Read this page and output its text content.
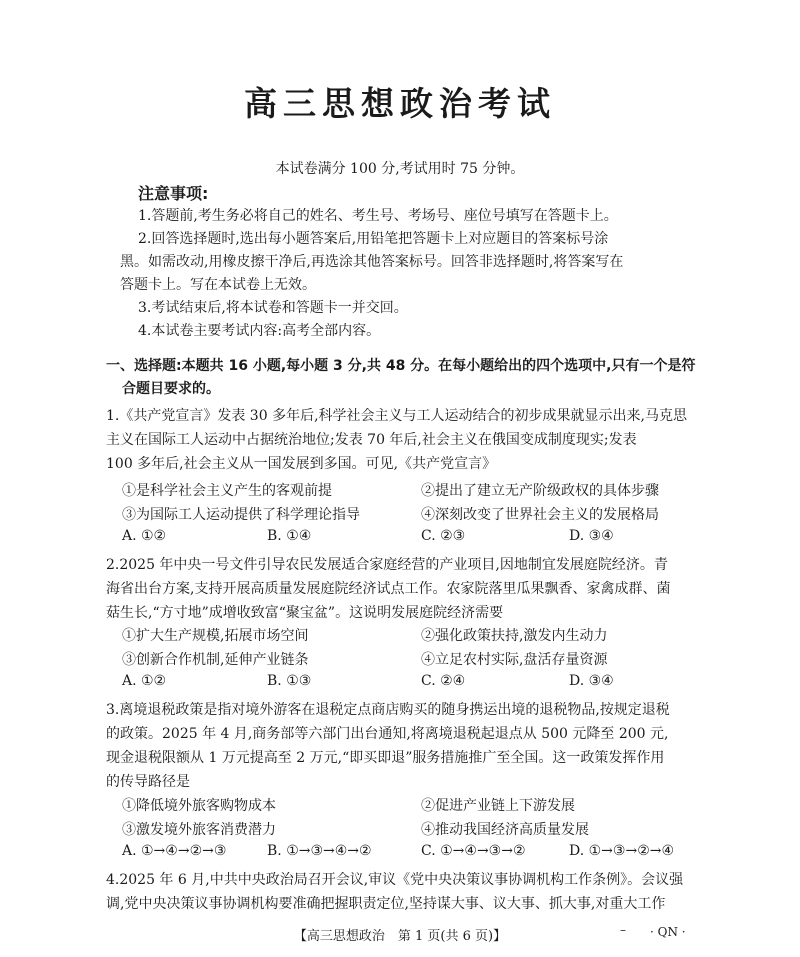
高三思想政治考试
本试卷满分 100 分,考试用时 75 分钟。
注意事项:
1.答题前,考生务必将自己的姓名、考生号、考场号、座位号填写在答题卡上。
2.回答选择题时,选出每小题答案后,用铅笔把答题卡上对应题目的答案标号涂
黑。如需改动,用橡皮擦干净后,再选涂其他答案标号。回答非选择题时,将答案写在
答题卡上。写在本试卷上无效。
3.考试结束后,将本试卷和答题卡一并交回。
4.本试卷主要考试内容:高考全部内容。
一、选择题:本题共 16 小题,每小题 3 分,共 48 分。在每小题给出的四个选项中,只有一个是符
合题目要求的。
1.《共产党宣言》发表 30 多年后,科学社会主义与工人运动结合的初步成果就显示出来,马克思
主义在国际工人运动中占据统治地位;发表 70 年后,社会主义在俄国变成制度现实;发表
100 多年后,社会主义从一国发展到多国。可见,《共产党宣言》
①是科学社会主义产生的客观前提	②提出了建立无产阶级政权的具体步骤
③为国际工人运动提供了科学理论指导	④深刻改变了世界社会主义的发展格局
A. ①②	B. ①④	C. ②③	D. ③④
2.2025 年中央一号文件引导农民发展适合家庭经营的产业项目,因地制宜发展庭院经济。青
海省出台方案,支持开展高质量发展庭院经济试点工作。农家院落里瓜果飘香、家禽成群、菌
菇生长,“方寸地”成增收致富“聚宝盆”。这说明发展庭院经济需要
①扩大生产规模,拓展市场空间	②强化政策扶持,激发内生动力
③创新合作机制,延伸产业链条	④立足农村实际,盘活存量资源
A. ①②	B. ①③	C. ②④	D. ③④
3.离境退税政策是指对境外游客在退税定点商店购买的随身携运出境的退税物品,按规定退税
的政策。2025 年 4 月,商务部等六部门出台通知,将离境退税起退点从 500 元降至 200 元,
现金退税限额从 1 万元提高至 2 万元,“即买即退”服务措施推广至全国。这一政策发挥作用
的传导路径是
①降低境外旅客购物成本	②促进产业链上下游发展
③激发境外旅客消费潜力	④推动我国经济高质量发展
A. ①→④→②→③	B. ①→③→④→②	C. ①→④→③→②	D. ①→③→②→④
4.2025 年 6 月,中共中央政治局召开会议,审议《党中央决策议事协调机构工作条例》。会议强
调,党中央决策议事协调机构要准确把握职责定位,坚持谋大事、议大事、抓大事,对重大工作
【高三思想政治　第 1 页(共 6 页)】	– · QN ·
